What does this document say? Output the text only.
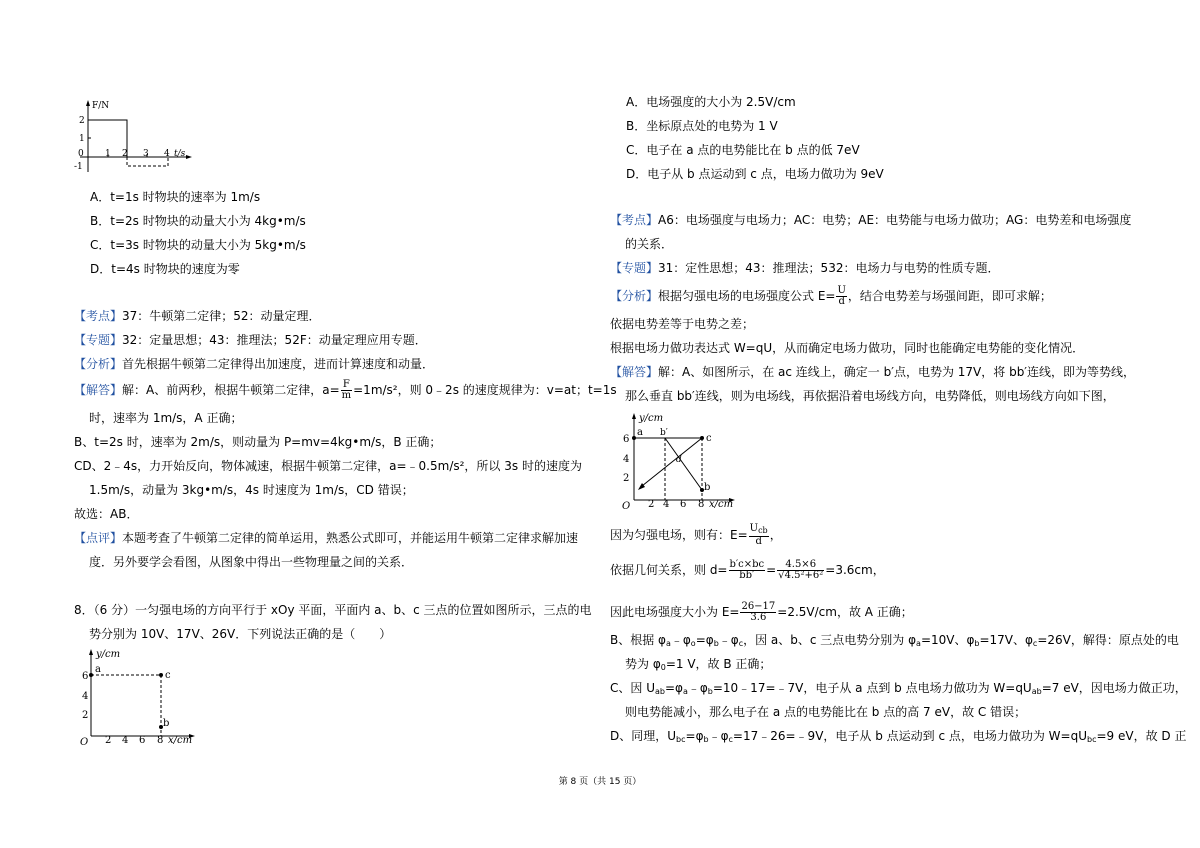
F/N
2
1
-1
0 1 2 3 4 t/s
A．t=1s 时物块的速率为 1m/s
B．t=2s 时物块的动量大小为 4kg•m/s
C．t=3s 时物块的动量大小为 5kg•m/s
D．t=4s 时物块的速度为零
【考点】37：牛顿第二定律；52：动量定理．
【专题】32：定量思想；43：推理法；52F：动量定理应用专题．
【分析】首先根据牛顿第二定律得出加速度，进而计算速度和动量．
【解答】解：A、前两秒，根据牛顿第二定律，$a= \frac{F}{m} =1m/s^2$，则 0﹣2s 的速度规律为：v=at；t=1s
时，速率为 1m/s，A 正确；
B、t=2s 时，速率为 2m/s，则动量为 P=mv=4kg•m/s，B 正确；
CD、2﹣4s，力开始反向，物体减速，根据牛顿第二定律，a=﹣0.5m/s²，所以 3s 时的速度为
1.5m/s，动量为 3kg•m/s，4s 时速度为 1m/s，CD 错误；
故选：AB．
【点评】本题考查了牛顿第二定律的简单运用，熟悉公式即可，并能运用牛顿第二定律求解加速
度．另外要学会看图，从图象中得出一些物理量之间的关系．
8．（6 分）一匀强电场的方向平行于 xOy 平面，平面内 a、b、c 三点的位置如图所示，三点的电
势分别为 10V、17V、26V．下列说法正确的是（　　）
y/cm
6
4
2
O 2 4 6 8 x/cm
a
c
b
A．电场强度的大小为 2.5V/cm
B．坐标原点处的电势为 1 V
C．电子在 a 点的电势能比在 b 点的低 7eV
D．电子从 b 点运动到 c 点，电场力做功为 9eV
【考点】A6：电场强度与电场力；AC：电势；AE：电势能与电场力做功；AG：电势差和电场强度
的关系．
【专题】31：定性思想；43：推理法；532：电场力与电势的性质专题．
【分析】根据匀强电场的电场强度公式 $E= \frac{U}{d}$ ，结合电势差与场强间距，即可求解；
依据电势差等于电势之差；
根据电场力做功表达式 W=qU，从而确定电场力做功，同时也能确定电势能的变化情况．
【解答】解：A、如图所示，在 ac 连线上，确定一 b′点，电势为 17V，将 bb′连线，即为等势线，
那么垂直 bb′连线，则为电场线，再依据沿着电场线方向，电势降低，则电场线方向如下图，
y/cm
6
4
2
O 2 4 6 8 x/cm
a b′	c
d
b
因为匀强电场，则有：$E= \frac{U_{cb}}{d}$ ，
依据几何关系，则 $d= \frac{b'c\times bc}{bb'} = \frac{4.5\times 6}{\text{√4.5²+6²}} =3.6cm$，
因此电场强度大小为 $E= \frac{26-17}{3.6} =2.5V/cm$，故 A 正确；
B、根据 $\varphi_a﹣\varphi_o=\varphi_b﹣\varphi_c$，因 a、b、c 三点电势分别为 $\varphi_a=10V$、$\varphi_b=17V$、$\varphi_c=26V$，解得：原点处的电
势为 $\varphi_0=1$ V，故 B 正确；
C、因 $U_{ab}=\varphi_a﹣\varphi_b=10﹣17=﹣7V$，电子从 a 点到 b 点电场力做功为 $W=qU_{ab}=7$ eV，因电场力做正功，
则电势能减小，那么电子在 a 点的电势能比在 b 点的高 7 eV，故 C 错误；
D、同理，$U_{bc}=\varphi_b﹣\varphi_c=17﹣26=﹣9V$，电子从 b 点运动到 c 点，电场力做功为 $W=qU_{bc}=9$ eV，故 D 正
第 8 页（共 15 页）
